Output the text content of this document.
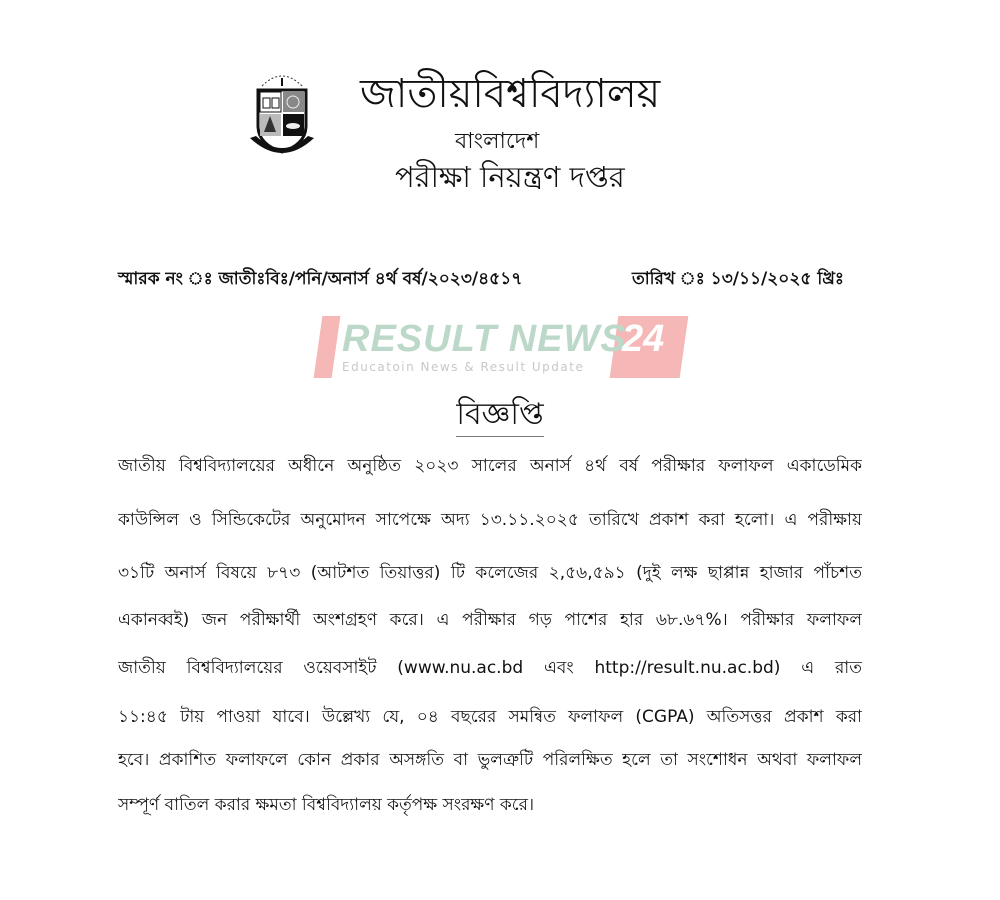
জাতীয়বিশ্ববিদ্যালয়
বাংলাদেশ
পরীক্ষা নিয়ন্ত্রণ দপ্তর
স্মারক নং ঃ জাতীঃবিঃ/পনি/অনার্স ৪র্থ বর্ষ/২০২৩/৪৫১৭	তারিখ ঃ ১৩/১১/২০২৫ খ্রিঃ
RESULT NEWS
24
Educatoin News & Result Update
বিজ্ঞপ্তি
জাতীয় বিশ্ববিদ্যালয়ের অধীনে অনুষ্ঠিত ২০২৩ সালের অনার্স ৪র্থ বর্ষ পরীক্ষার ফলাফল একাডেমিক
কাউন্সিল ও সিন্ডিকেটের অনুমোদন সাপেক্ষে অদ্য ১৩.১১.২০২৫ তারিখে প্রকাশ করা হলো। এ পরীক্ষায়
৩১টি অনার্স বিষয়ে ৮৭৩ (আটশত তিয়াত্তর) টি কলেজের ২,৫৬,৫৯১ (দুই লক্ষ ছাপ্পান্ন হাজার পাঁচশত
একানব্বই) জন পরীক্ষার্থী অংশগ্রহণ করে। এ পরীক্ষার গড় পাশের হার ৬৮.৬৭%। পরীক্ষার ফলাফল
জাতীয় বিশ্ববিদ্যালয়ের ওয়েবসাইট (www.nu.ac.bd এবং http://result.nu.ac.bd) এ রাত
১১:৪৫ টায় পাওয়া যাবে। উল্লেখ্য যে, ০৪ বছরের সমন্বিত ফলাফল (CGPA) অতিসত্তর প্রকাশ করা
হবে। প্রকাশিত ফলাফলে কোন প্রকার অসঙ্গতি বা ভুলত্রুটি পরিলক্ষিত হলে তা সংশোধন অথবা ফলাফল
সম্পূর্ণ বাতিল করার ক্ষমতা বিশ্ববিদ্যালয় কর্তৃপক্ষ সংরক্ষণ করে।
